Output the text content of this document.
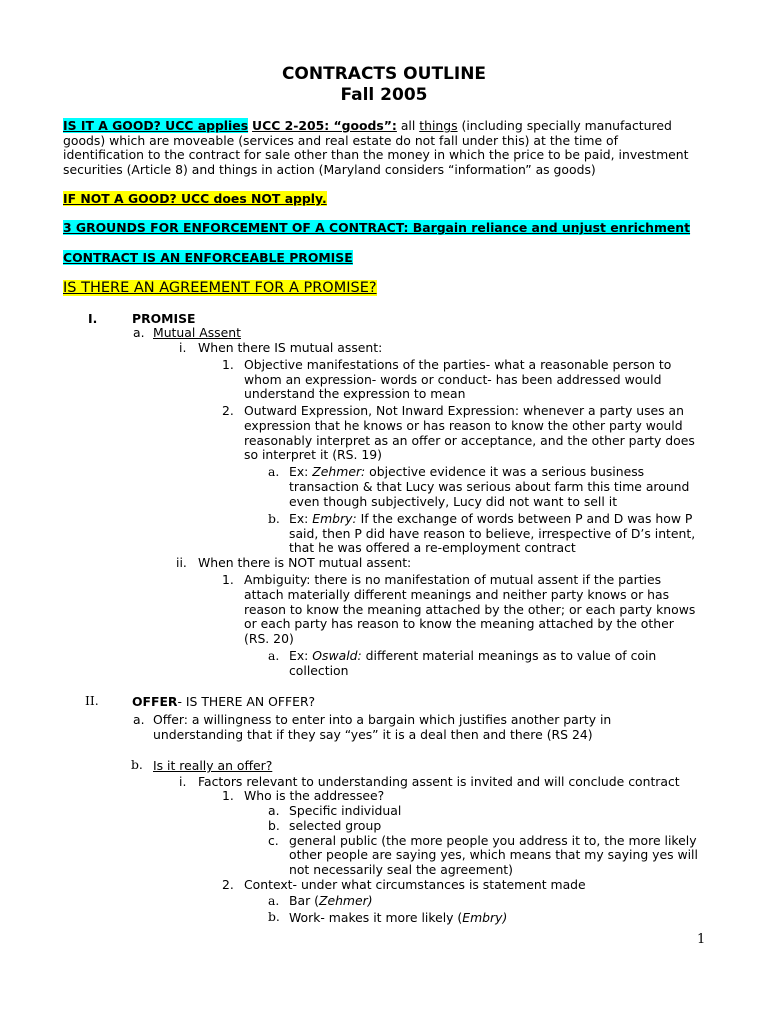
CONTRACTS OUTLINE
Fall 2005
IS IT A GOOD? UCC applies UCC 2-205: “goods”: all things (including specially manufactured
goods) which are moveable (services and real estate do not fall under this) at the time of
identification to the contract for sale other than the money in which the price to be paid, investment
securities (Article 8) and things in action (Maryland considers “information” as goods)
IF NOT A GOOD? UCC does NOT apply.
3 GROUNDS FOR ENFORCEMENT OF A CONTRACT: Bargain reliance and unjust enrichment
CONTRACT IS AN ENFORCEABLE PROMISE
IS THERE AN AGREEMENT FOR A PROMISE?
I.	PROMISE
a. Mutual Assent
i. When there IS mutual assent:
1. Objective manifestations of the parties- what a reasonable person to
whom an expression- words or conduct- has been addressed would
understand the expression to mean
2. Outward Expression, Not Inward Expression: whenever a party uses an
expression that he knows or has reason to know the other party would
reasonably interpret as an offer or acceptance, and the other party does
so interpret it (RS. 19)
a. Ex: Zehmer: objective evidence it was a serious business
transaction & that Lucy was serious about farm this time around
even though subjectively, Lucy did not want to sell it
b. Ex: Embry: If the exchange of words between P and D was how P
said, then P did have reason to believe, irrespective of D’s intent,
that he was offered a re-employment contract
ii. When there is NOT mutual assent:
1. Ambiguity: there is no manifestation of mutual assent if the parties
attach materially different meanings and neither party knows or has
reason to know the meaning attached by the other; or each party knows
or each party has reason to know the meaning attached by the other
(RS. 20)
a. Ex: Oswald: different material meanings as to value of coin
collection
II.	OFFER- IS THERE AN OFFER?
a. Offer: a willingness to enter into a bargain which justifies another party in
understanding that if they say “yes” it is a deal then and there (RS 24)
b. Is it really an offer?
i. Factors relevant to understanding assent is invited and will conclude contract
1. Who is the addressee?
a. Specific individual
b. selected group
c. general public (the more people you address it to, the more likely
other people are saying yes, which means that my saying yes will
not necessarily seal the agreement)
2. Context- under what circumstances is statement made
a. Bar (Zehmer)
b. Work- makes it more likely (Embry)
1
